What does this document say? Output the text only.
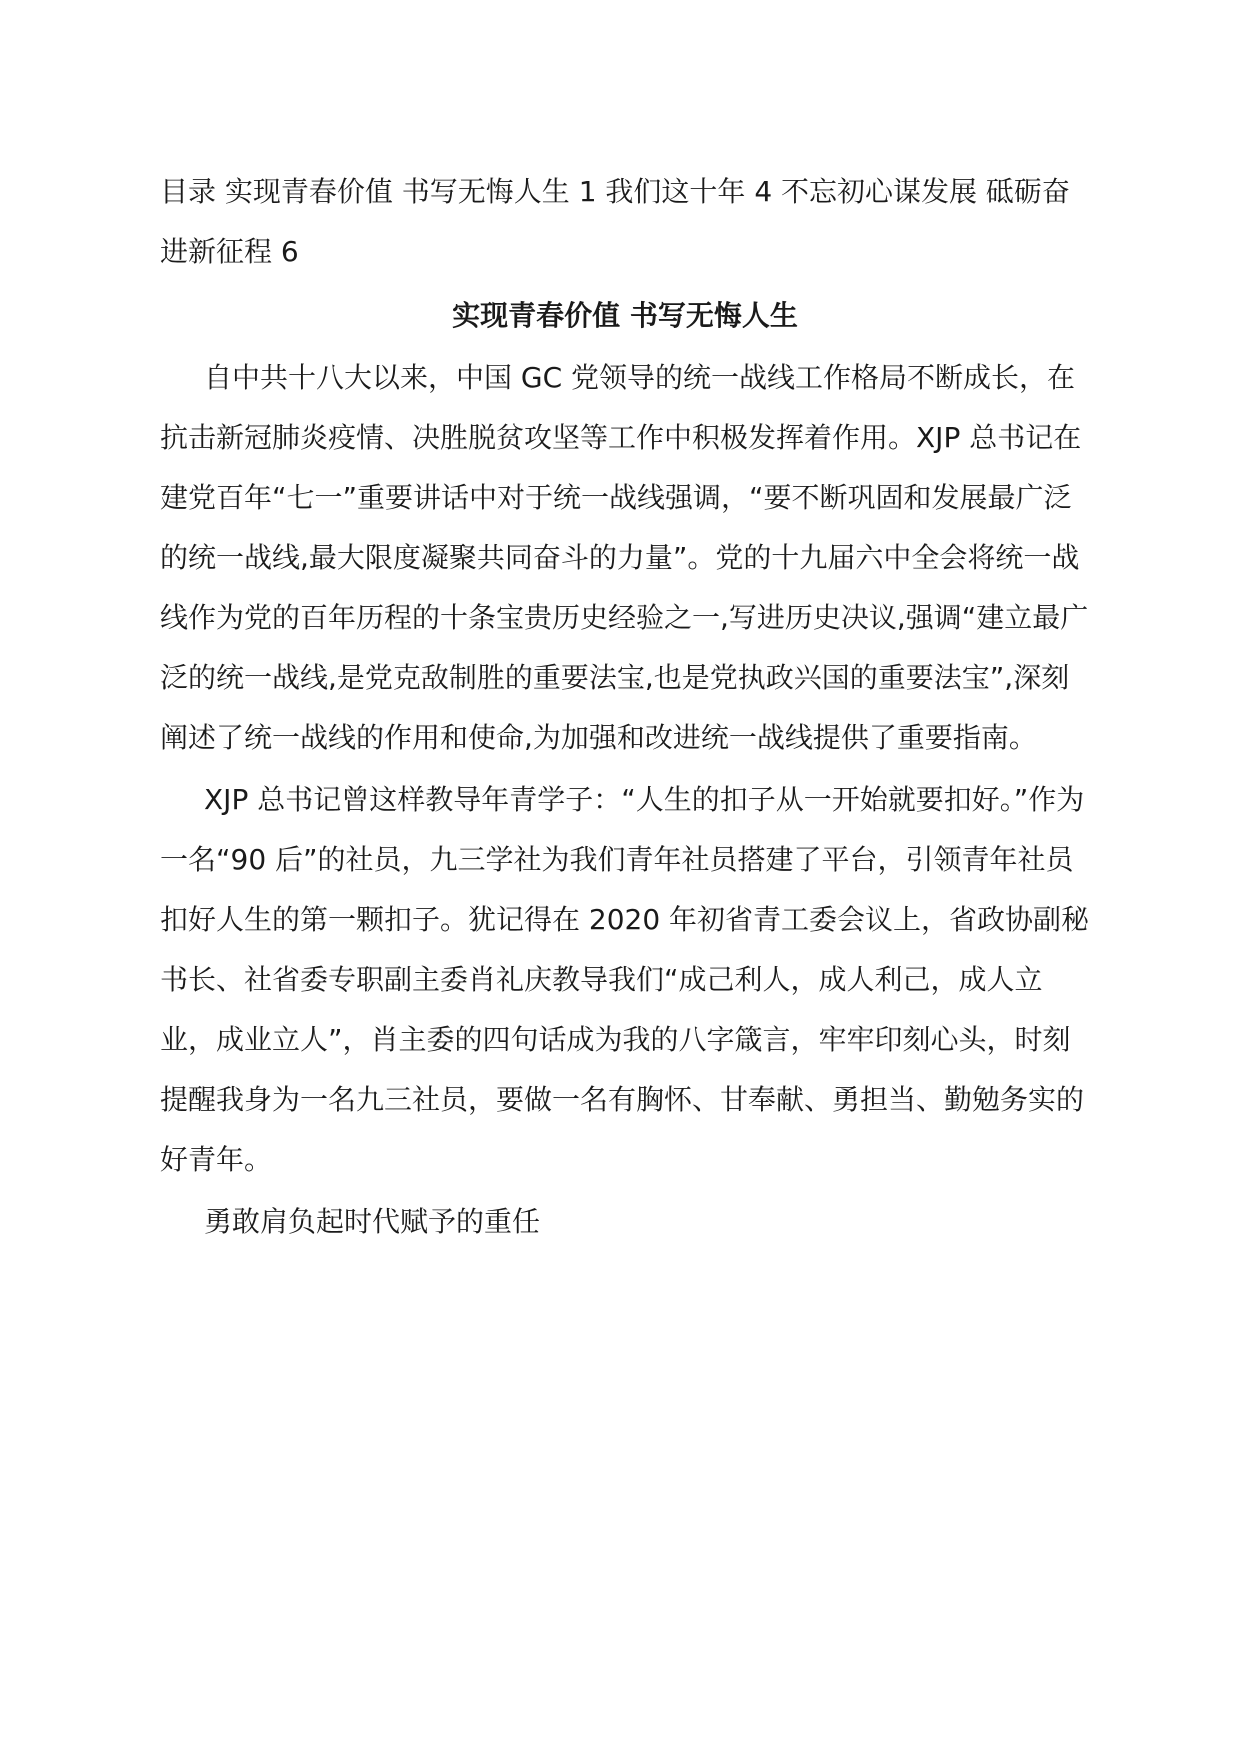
目录 实现青春价值 书写无悔人生 1 我们这十年 4 不忘初心谋发展 砥砺奋进新征程 6

实现青春价值 书写无悔人生

自中共十八大以来，中国 GC 党领导的统一战线工作格局不断成长，在抗击新冠肺炎疫情、决胜脱贫攻坚等工作中积极发挥着作用。XJP 总书记在建党百年“七一”重要讲话中对于统一战线强调，“要不断巩固和发展最广泛的统一战线,最大限度凝聚共同奋斗的力量”。党的十九届六中全会将统一战线作为党的百年历程的十条宝贵历史经验之一,写进历史决议,强调“建立最广泛的统一战线,是党克敌制胜的重要法宝,也是党执政兴国的重要法宝”,深刻阐述了统一战线的作用和使命,为加强和改进统一战线提供了重要指南。

XJP 总书记曾这样教导年青学子：“人生的扣子从一开始就要扣好。”作为一名“90 后”的社员，九三学社为我们青年社员搭建了平台，引领青年社员扣好人生的第一颗扣子。犹记得在 2020 年初省青工委会议上，省政协副秘书长、社省委专职副主委肖礼庆教导我们“成己利人，成人利己，成人立业，成业立人”，肖主委的四句话成为我的八字箴言，牢牢印刻心头，时刻提醒我身为一名九三社员，要做一名有胸怀、甘奉献、勇担当、勤勉务实的好青年。

勇敢肩负起时代赋予的重任
